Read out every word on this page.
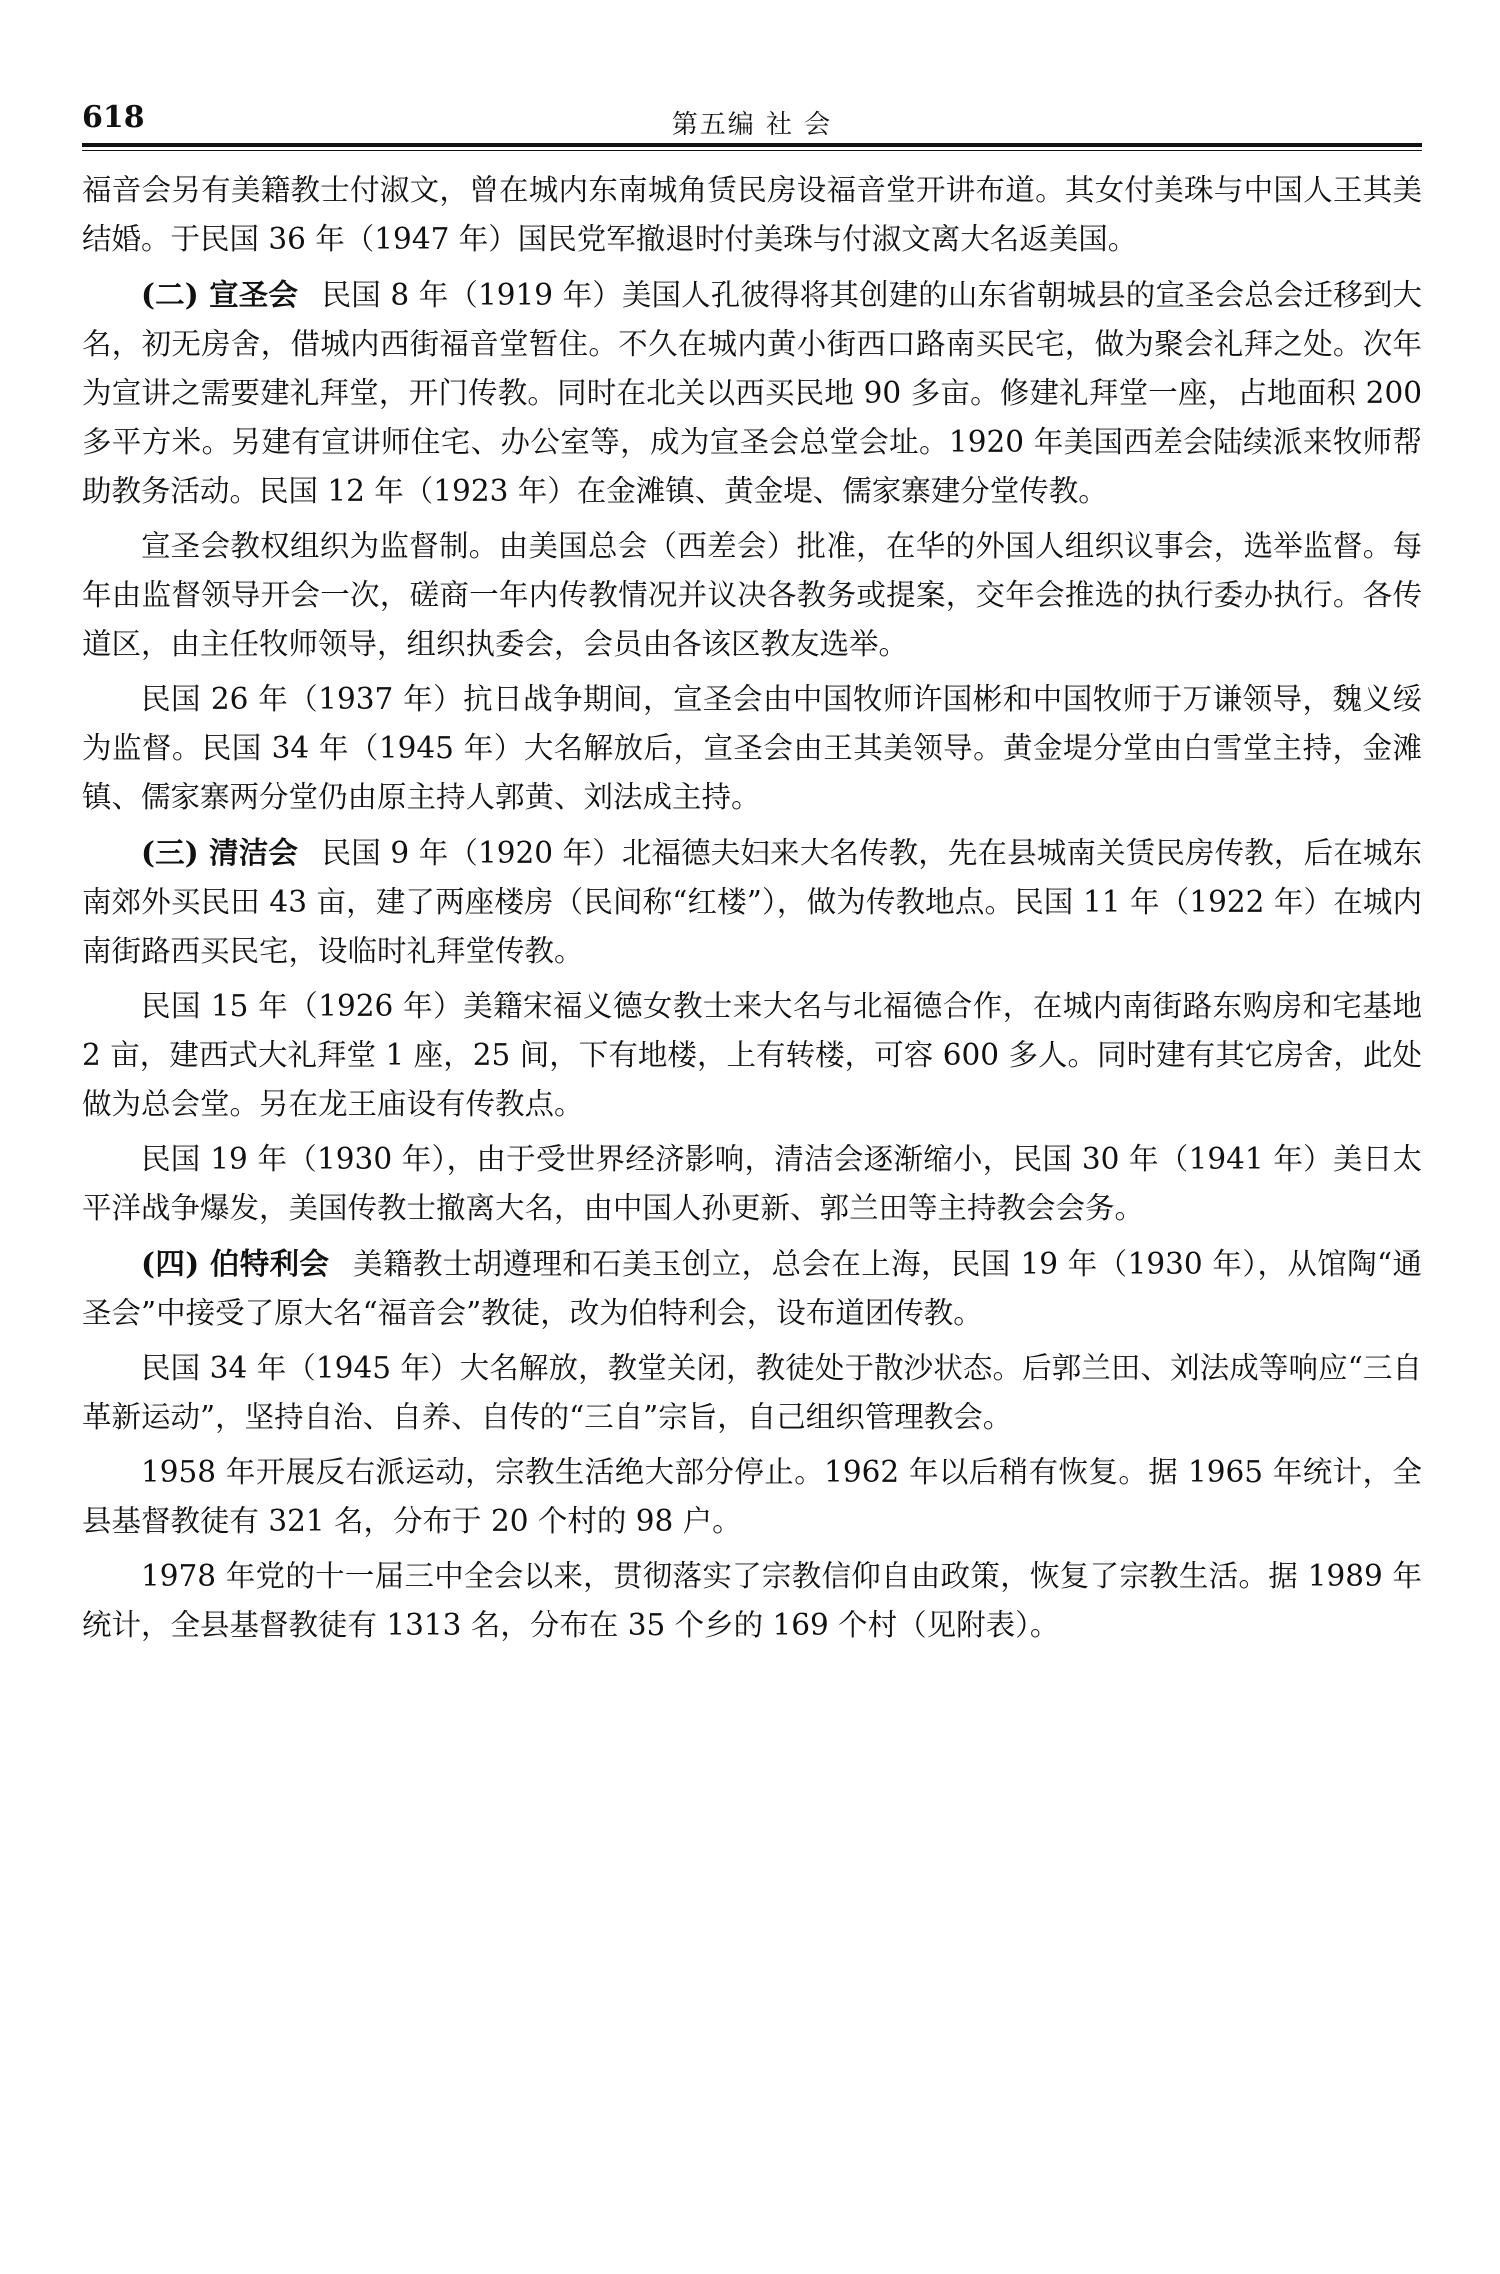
618	第五编 社 会

福音会另有美籍教士付淑文，曾在城内东南城角赁民房设福音堂开讲布道。其女付美珠与中国人王其美结婚。于民国 36 年（1947 年）国民党军撤退时付美珠与付淑文离大名返美国。

(二) 宣圣会 民国 8 年（1919 年）美国人孔彼得将其创建的山东省朝城县的宣圣会总会迁移到大名，初无房舍，借城内西街福音堂暂住。不久在城内黄小街西口路南买民宅，做为聚会礼拜之处。次年为宣讲之需要建礼拜堂，开门传教。同时在北关以西买民地 90 多亩。修建礼拜堂一座，占地面积 200 多平方米。另建有宣讲师住宅、办公室等，成为宣圣会总堂会址。1920 年美国西差会陆续派来牧师帮助教务活动。民国 12 年（1923 年）在金滩镇、黄金堤、儒家寨建分堂传教。

宣圣会教权组织为监督制。由美国总会（西差会）批准，在华的外国人组织议事会，选举监督。每年由监督领导开会一次，磋商一年内传教情况并议决各教务或提案，交年会推选的执行委办执行。各传道区，由主任牧师领导，组织执委会，会员由各该区教友选举。

民国 26 年（1937 年）抗日战争期间，宣圣会由中国牧师许国彬和中国牧师于万谦领导，魏义绥为监督。民国 34 年（1945 年）大名解放后，宣圣会由王其美领导。黄金堤分堂由白雪堂主持，金滩镇、儒家寨两分堂仍由原主持人郭黄、刘法成主持。

(三) 清洁会 民国 9 年（1920 年）北福德夫妇来大名传教，先在县城南关赁民房传教，后在城东南郊外买民田 43 亩，建了两座楼房（民间称“红楼”），做为传教地点。民国 11 年（1922 年）在城内南街路西买民宅，设临时礼拜堂传教。

民国 15 年（1926 年）美籍宋福义德女教士来大名与北福德合作，在城内南街路东购房和宅基地 2 亩，建西式大礼拜堂 1 座，25 间，下有地楼，上有转楼，可容 600 多人。同时建有其它房舍，此处做为总会堂。另在龙王庙设有传教点。

民国 19 年（1930 年），由于受世界经济影响，清洁会逐渐缩小，民国 30 年（1941 年）美日太平洋战争爆发，美国传教士撤离大名，由中国人孙更新、郭兰田等主持教会会务。

(四) 伯特利会 美籍教士胡遵理和石美玉创立，总会在上海，民国 19 年（1930 年），从馆陶“通圣会”中接受了原大名“福音会”教徒，改为伯特利会，设布道团传教。

民国 34 年（1945 年）大名解放，教堂关闭，教徒处于散沙状态。后郭兰田、刘法成等响应“三自革新运动”，坚持自治、自养、自传的“三自”宗旨，自己组织管理教会。

1958 年开展反右派运动，宗教生活绝大部分停止。1962 年以后稍有恢复。据 1965 年统计，全县基督教徒有 321 名，分布于 20 个村的 98 户。

1978 年党的十一届三中全会以来，贯彻落实了宗教信仰自由政策，恢复了宗教生活。据 1989 年统计，全县基督教徒有 1313 名，分布在 35 个乡的 169 个村（见附表）。
